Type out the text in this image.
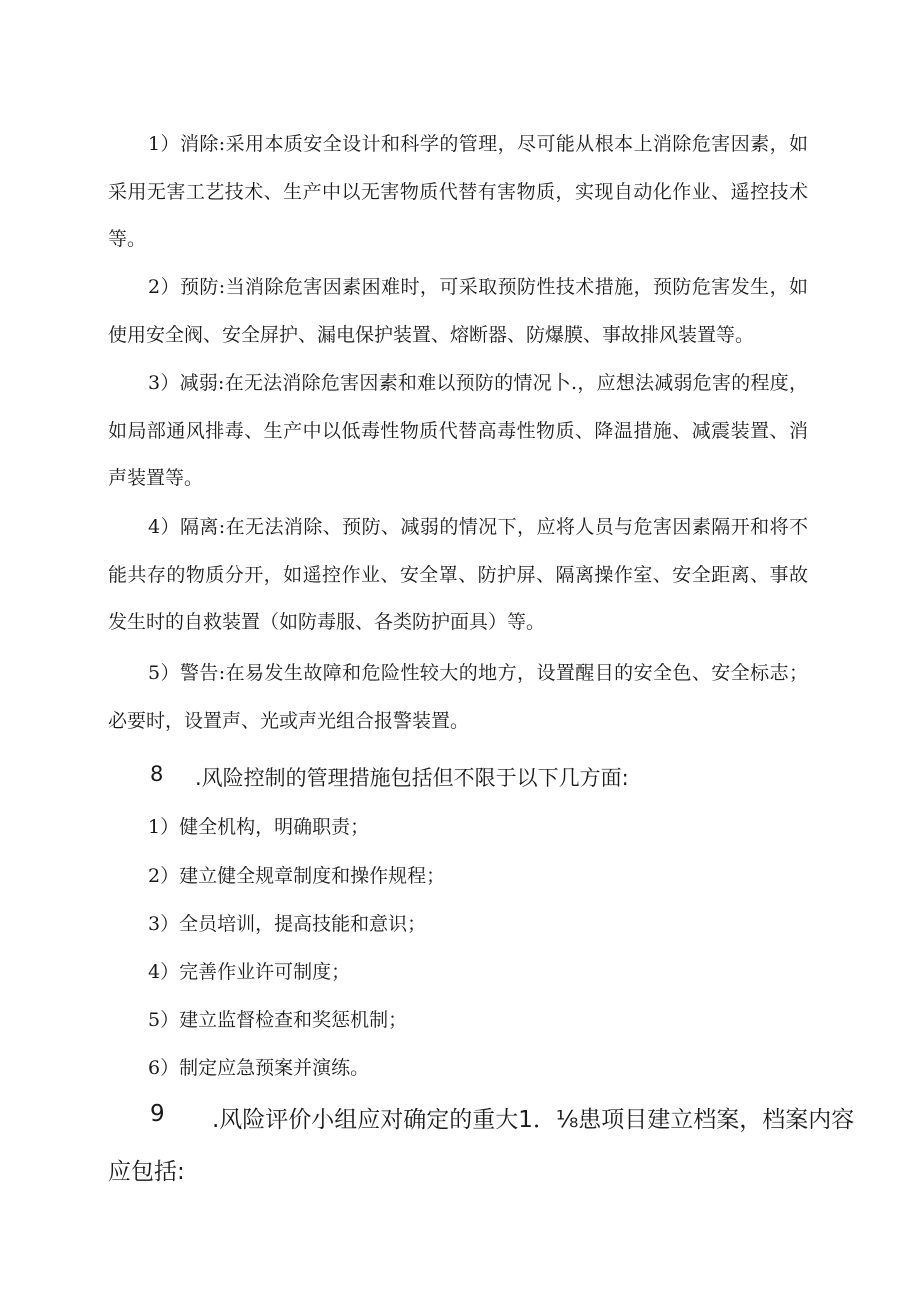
1）消除:采用本质安全设计和科学的管理，尽可能从根本上消除危害因素，如采用无害工艺技术、生产中以无害物质代替有害物质，实现自动化作业、遥控技术等。

2）预防:当消除危害因素困难时，可采取预防性技术措施，预防危害发生，如使用安全阀、安全屏护、漏电保护装置、熔断器、防爆膜、事故排风装置等。

3）减弱:在无法消除危害因素和难以预防的情况卜.，应想法减弱危害的程度，如局部通风排毒、生产中以低毒性物质代替高毒性物质、降温措施、减震装置、消声装置等。

4）隔离:在无法消除、预防、减弱的情况下，应将人员与危害因素隔开和将不能共存的物质分开，如遥控作业、安全罩、防护屏、隔离操作室、安全距离、事故发生时的自救装置（如防毒服、各类防护面具）等。

5）警告:在易发生故障和危险性较大的地方，设置醒目的安全色、安全标志；必要时，设置声、光或声光组合报警装置。

8 .风险控制的管理措施包括但不限于以下几方面:

1）健全机构，明确职责；

2）建立健全规章制度和操作规程；

3）全员培训，提高技能和意识；

4）完善作业许可制度；

5）建立监督检查和奖惩机制；

6）制定应急预案并演练。

9 .风险评价小组应对确定的重大1．⅛患项目建立档案，档案内容

应包括:
